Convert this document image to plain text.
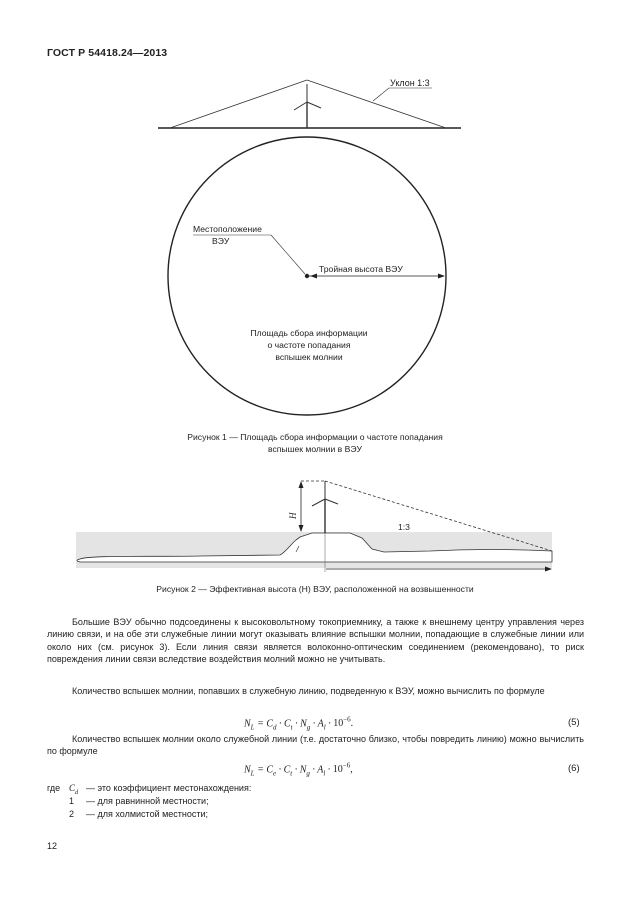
ГОСТ Р 54418.24—2013
Уклон 1:3
Местоположение
ВЭУ
Тройная высота ВЭУ
Площадь сбора информации
о частоте попадания
вспышек молнии
Рисунок 1 — Площадь сбора информации о частоте попадания
вспышек молнии в ВЭУ
H
1:3
Рисунок 2 — Эффективная высота (H) ВЭУ, расположенной на возвышенности
Большие ВЭУ обычно подсоединены к высоковольтному токоприемнику, а также к внешнему центру управления через линию связи, и на обе эти служебные линии могут оказывать влияние вспышки молнии, попадающие в служебные линии или около них (см. рисунок 3). Если линия связи является волоконно-оптическим соединением (рекомендовано), то риск повреждения линии связи вследствие воздействия молний можно не учитывать.
Количество вспышек молнии, попавших в служебную линию, подведенную к ВЭУ, можно вычислить по формуле
$N_L = C_d \cdot C_t \cdot N_g \cdot A_l \cdot 10^{-6}$.	(5)
Количество вспышек молнии около служебной линии (т.е. достаточно близко, чтобы повредить линию) можно вычислить по формуле
$N_L = C_e \cdot C_t \cdot N_g \cdot A_l \cdot 10^{-6}$,	(6)
где $C_d$ — это коэффициент местонахождения:
1 — для равнинной местности;
2 — для холмистой местности;
12
